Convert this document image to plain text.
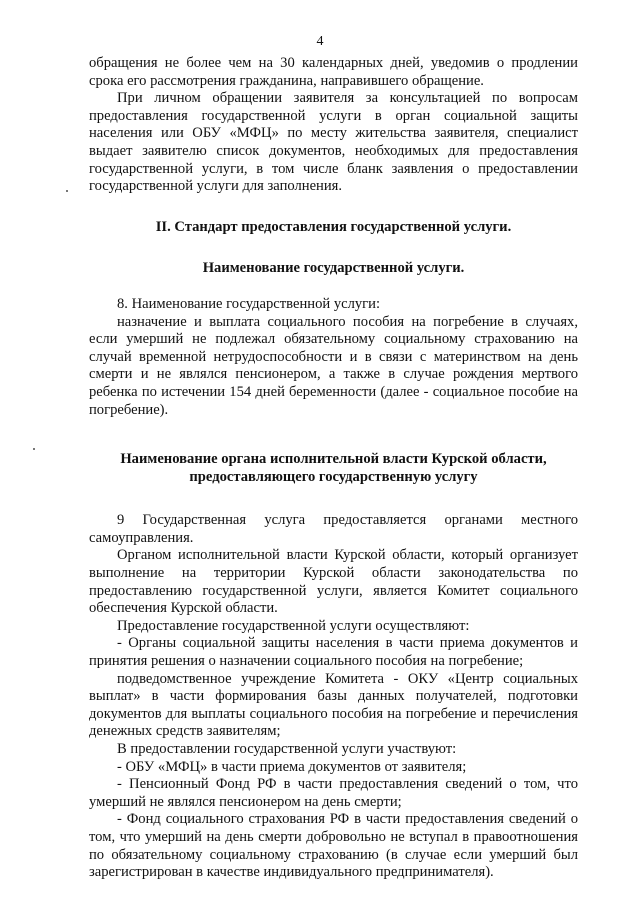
4

обращения не более чем на 30 календарных дней, уведомив о продлении срока его рассмотрения гражданина, направившего обращение.

При личном обращении заявителя за консультацией по вопросам предоставления государственной услуги в орган социальной защиты населения или ОБУ «МФЦ» по месту жительства заявителя, специалист выдает заявителю список документов, необходимых для предоставления государственной услуги, в том числе бланк заявления о предоставлении государственной услуги для заполнения.

II. Стандарт предоставления государственной услуги.

Наименование государственной услуги.

8. Наименование государственной услуги:

назначение и выплата социального пособия на погребение в случаях, если умерший не подлежал обязательному социальному страхованию на случай временной нетрудоспособности и в связи с материнством на день смерти и не являлся пенсионером, а также в случае рождения мертвого ребенка по истечении 154 дней беременности (далее - социальное пособие на погребение).

Наименование органа исполнительной власти Курской области,
предоставляющего государственную услугу

9 Государственная услуга предоставляется органами местного самоуправления.

Органом исполнительной власти Курской области, который организует выполнение на территории Курской области законодательства по предоставлению государственной услуги, является Комитет социального обеспечения Курской области.

Предоставление государственной услуги осуществляют:

- Органы социальной защиты населения в части приема документов и принятия решения о назначении социального пособия на погребение;

подведомственное учреждение Комитета - ОКУ «Центр социальных выплат» в части формирования базы данных получателей, подготовки документов для выплаты социального пособия на погребение и перечисления денежных средств заявителям;

В предоставлении государственной услуги участвуют:

- ОБУ «МФЦ» в части приема документов от заявителя;

- Пенсионный Фонд РФ в части предоставления сведений о том, что умерший не являлся пенсионером на день смерти;

- Фонд социального страхования РФ в части предоставления сведений о том, что умерший на день смерти добровольно не вступал в правоотношения по обязательному социальному страхованию (в случае если умерший был зарегистрирован в качестве индивидуального предпринимателя).
